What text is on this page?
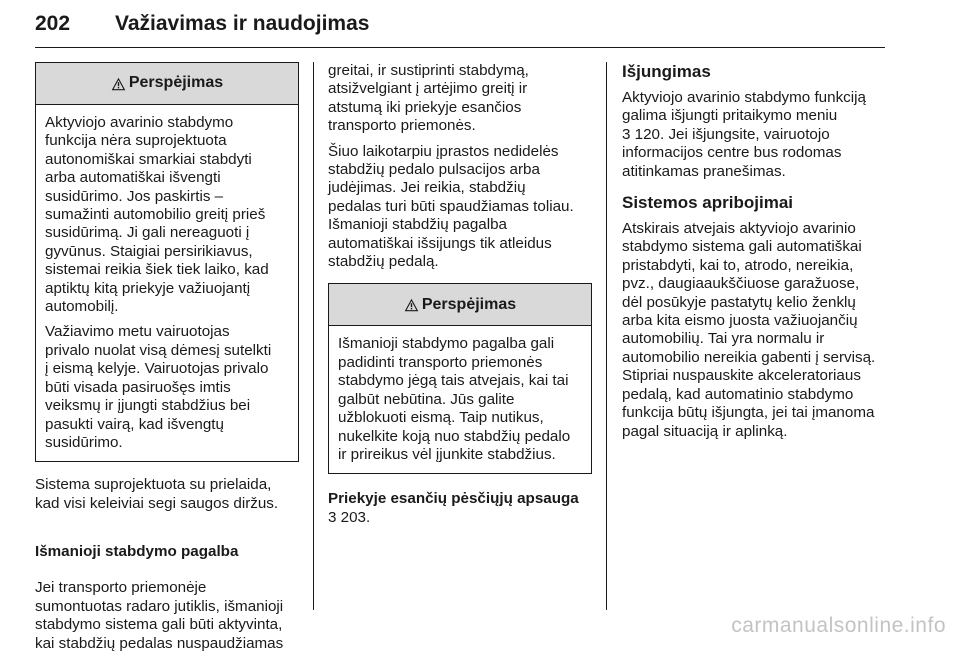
202 Važiavimas ir naudojimas
Perspėjimas

Aktyviojo avarinio stabdymo
funkcija nėra suprojektuota
autonomiškai smarkiai stabdyti
arba automatiškai išvengti
susidūrimo. Jos paskirtis –
sumažinti automobilio greitį prieš
susidūrimą. Ji gali nereaguoti į
gyvūnus. Staigiai persirikiavus,
sistemai reikia šiek tiek laiko, kad
aptiktų kitą priekyje važiuojantį
automobilį.

Važiavimo metu vairuotojas
privalo nuolat visą dėmesį sutelkti
į eismą kelyje. Vairuotojas privalo
būti visada pasiruošęs imtis
veiksmų ir įjungti stabdžius bei
pasukti vairą, kad išvengtų
susidūrimo.

Sistema suprojektuota su prielaida,
kad visi keleiviai segi saugos diržus.

Išmanioji stabdymo pagalba

Jei transporto priemonėje
sumontuotas radaro jutiklis, išmanioji
stabdymo sistema gali būti aktyvinta,
kai stabdžių pedalas nuspaudžiamas

greitai, ir sustiprinti stabdymą,
atsižvelgiant į artėjimo greitį ir
atstumą iki priekyje esančios
transporto priemonės.

Šiuo laikotarpiu įprastos nedidelės
stabdžių pedalo pulsacijos arba
judėjimas. Jei reikia, stabdžių
pedalas turi būti spaudžiamas toliau.
Išmanioji stabdžių pagalba
automatiškai išsijungs tik atleidus
stabdžių pedalą.

Perspėjimas

Išmanioji stabdymo pagalba gali
padidinti transporto priemonės
stabdymo jėgą tais atvejais, kai tai
galbūt nebūtina. Jūs galite
užblokuoti eismą. Taip nutikus,
nukelkite koją nuo stabdžių pedalo
ir prireikus vėl įjunkite stabdžius.

Priekyje esančių pėsčiųjų apsauga
3 203.
Išjungimas

Aktyviojo avarinio stabdymo funkciją
galima išjungti pritaikymo meniu
3 120. Jei išjungsite, vairuotojo
informacijos centre bus rodomas
atitinkamas pranešimas.

Sistemos apribojimai

Atskirais atvejais aktyviojo avarinio
stabdymo sistema gali automatiškai
pristabdyti, kai to, atrodo, nereikia,
pvz., daugiaaukščiuose garažuose,
dėl posūkyje pastatytų kelio ženklų
arba kita eismo juosta važiuojančių
automobilių. Tai yra normalu ir
automobilio nereikia gabenti į servisą.
Stipriai nuspauskite akceleratoriaus
pedalą, kad automatinio stabdymo
funkcija būtų išjungta, jei tai įmanoma
pagal situaciją ir aplinką.

carmanualsonline.info
